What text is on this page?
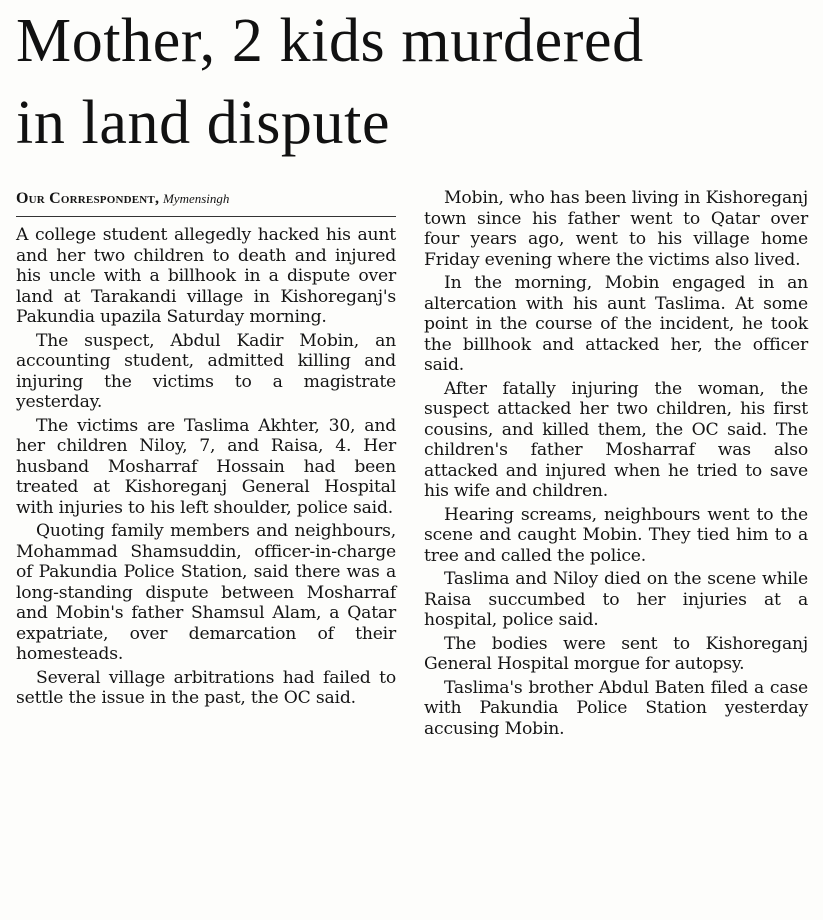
Mother, 2 kids murdered
in land dispute
Our Correspondent, Mymensingh

A college student allegedly hacked his aunt and her two children to death and injured his uncle with a billhook in a dispute over land at Tarakandi village in Kishoreganj's Pakundia upazila Saturday morning.

The suspect, Abdul Kadir Mobin, an accounting student, admitted killing and injuring the victims to a magistrate yesterday.

The victims are Taslima Akhter, 30, and her children Niloy, 7, and Raisa, 4. Her husband Mosharraf Hossain had been treated at Kishoreganj General Hospital with injuries to his left shoulder, police said.

Quoting family members and neighbours, Mohammad Shamsuddin, officer-in-charge of Pakundia Police Station, said there was a long-standing dispute between Mosharraf and Mobin's father Shamsul Alam, a Qatar expatriate, over demarcation of their homesteads.

Several village arbitrations had failed to settle the issue in the past, the OC said.

Mobin, who has been living in Kishoreganj town since his father went to Qatar over four years ago, went to his village home Friday evening where the victims also lived.

In the morning, Mobin engaged in an altercation with his aunt Taslima. At some point in the course of the incident, he took the billhook and attacked her, the officer said.

After fatally injuring the woman, the suspect attacked her two children, his first cousins, and killed them, the OC said. The children's father Mosharraf was also attacked and injured when he tried to save his wife and children.

Hearing screams, neighbours went to the scene and caught Mobin. They tied him to a tree and called the police.

Taslima and Niloy died on the scene while Raisa succumbed to her injuries at a hospital, police said.

The bodies were sent to Kishoreganj General Hospital morgue for autopsy.

Taslima's brother Abdul Baten filed a case with Pakundia Police Station yesterday accusing Mobin.
